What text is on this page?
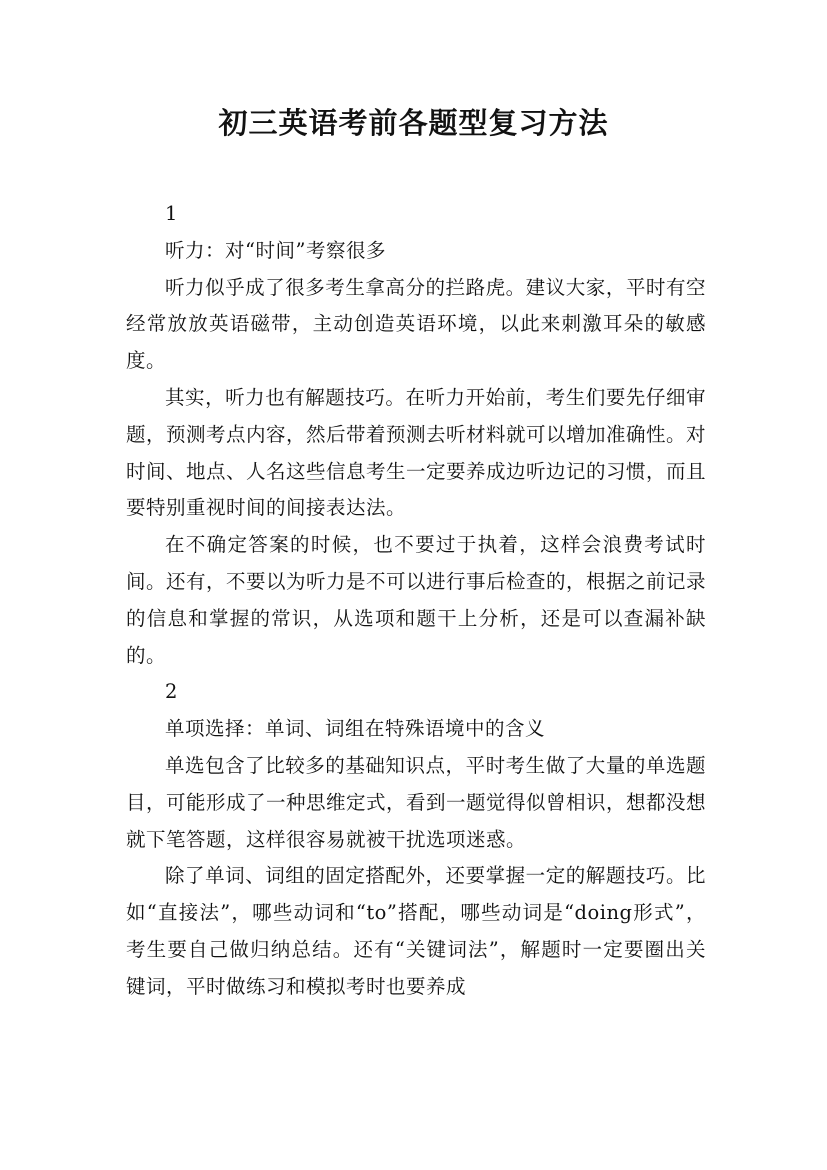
初三英语考前各题型复习方法

1

听力：对“时间”考察很多

听力似乎成了很多考生拿高分的拦路虎。建议大家，平时有空经常放放英语磁带，主动创造英语环境，以此来刺激耳朵的敏感度。

其实，听力也有解题技巧。在听力开始前，考生们要先仔细审题，预测考点内容，然后带着预测去听材料就可以增加准确性。对时间、地点、人名这些信息考生一定要养成边听边记的习惯，而且要特别重视时间的间接表达法。

在不确定答案的时候，也不要过于执着，这样会浪费考试时间。还有，不要以为听力是不可以进行事后检查的，根据之前记录的信息和掌握的常识，从选项和题干上分析，还是可以查漏补缺的。

2

单项选择：单词、词组在特殊语境中的含义

单选包含了比较多的基础知识点，平时考生做了大量的单选题目，可能形成了一种思维定式，看到一题觉得似曾相识，想都没想就下笔答题，这样很容易就被干扰选项迷惑。

除了单词、词组的固定搭配外，还要掌握一定的解题技巧。比如“直接法”，哪些动词和“to”搭配，哪些动词是“doing形式”，考生要自己做归纳总结。还有“关键词法”，解题时一定要圈出关键词，平时做练习和模拟考时也要养成
